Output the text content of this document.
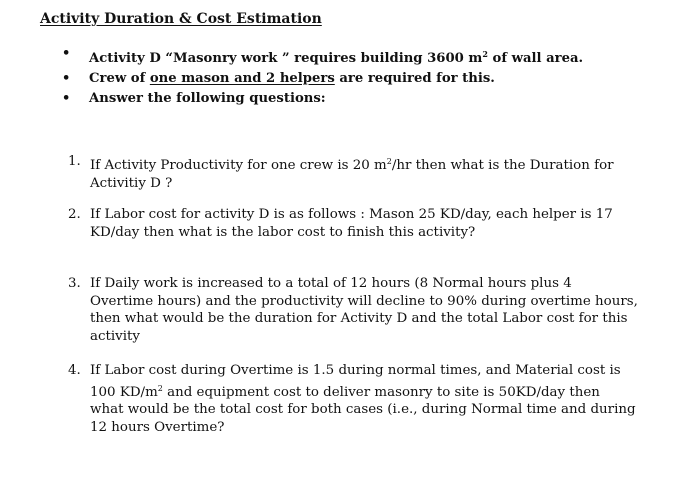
Activity Duration & Cost Estimation
• Activity D “Masonry work ” requires building 3600 $m^2$ of wall area.
• Crew of one mason and 2 helpers are required for this.
• Answer the following questions:
1. If Activity Productivity for one crew is 20 $m^2/hr$ then what is the Duration for
Activitiy D ?
2. If Labor cost for activity D is as follows : Mason 25 KD/day, each helper is 17
KD/day then what is the labor cost to finish this activity?
3. If Daily work is increased to a total of 12 hours (8 Normal hours plus 4
Overtime hours) and the productivity will decline to 90% during overtime hours,
then what would be the duration for Activity D and the total Labor cost for this
activity
4. If Labor cost during Overtime is 1.5 during normal times, and Material cost is
100 $KD/m^2$ and equipment cost to deliver masonry to site is 50KD/day then
what would be the total cost for both cases (i.e., during Normal time and during
12 hours Overtime?
